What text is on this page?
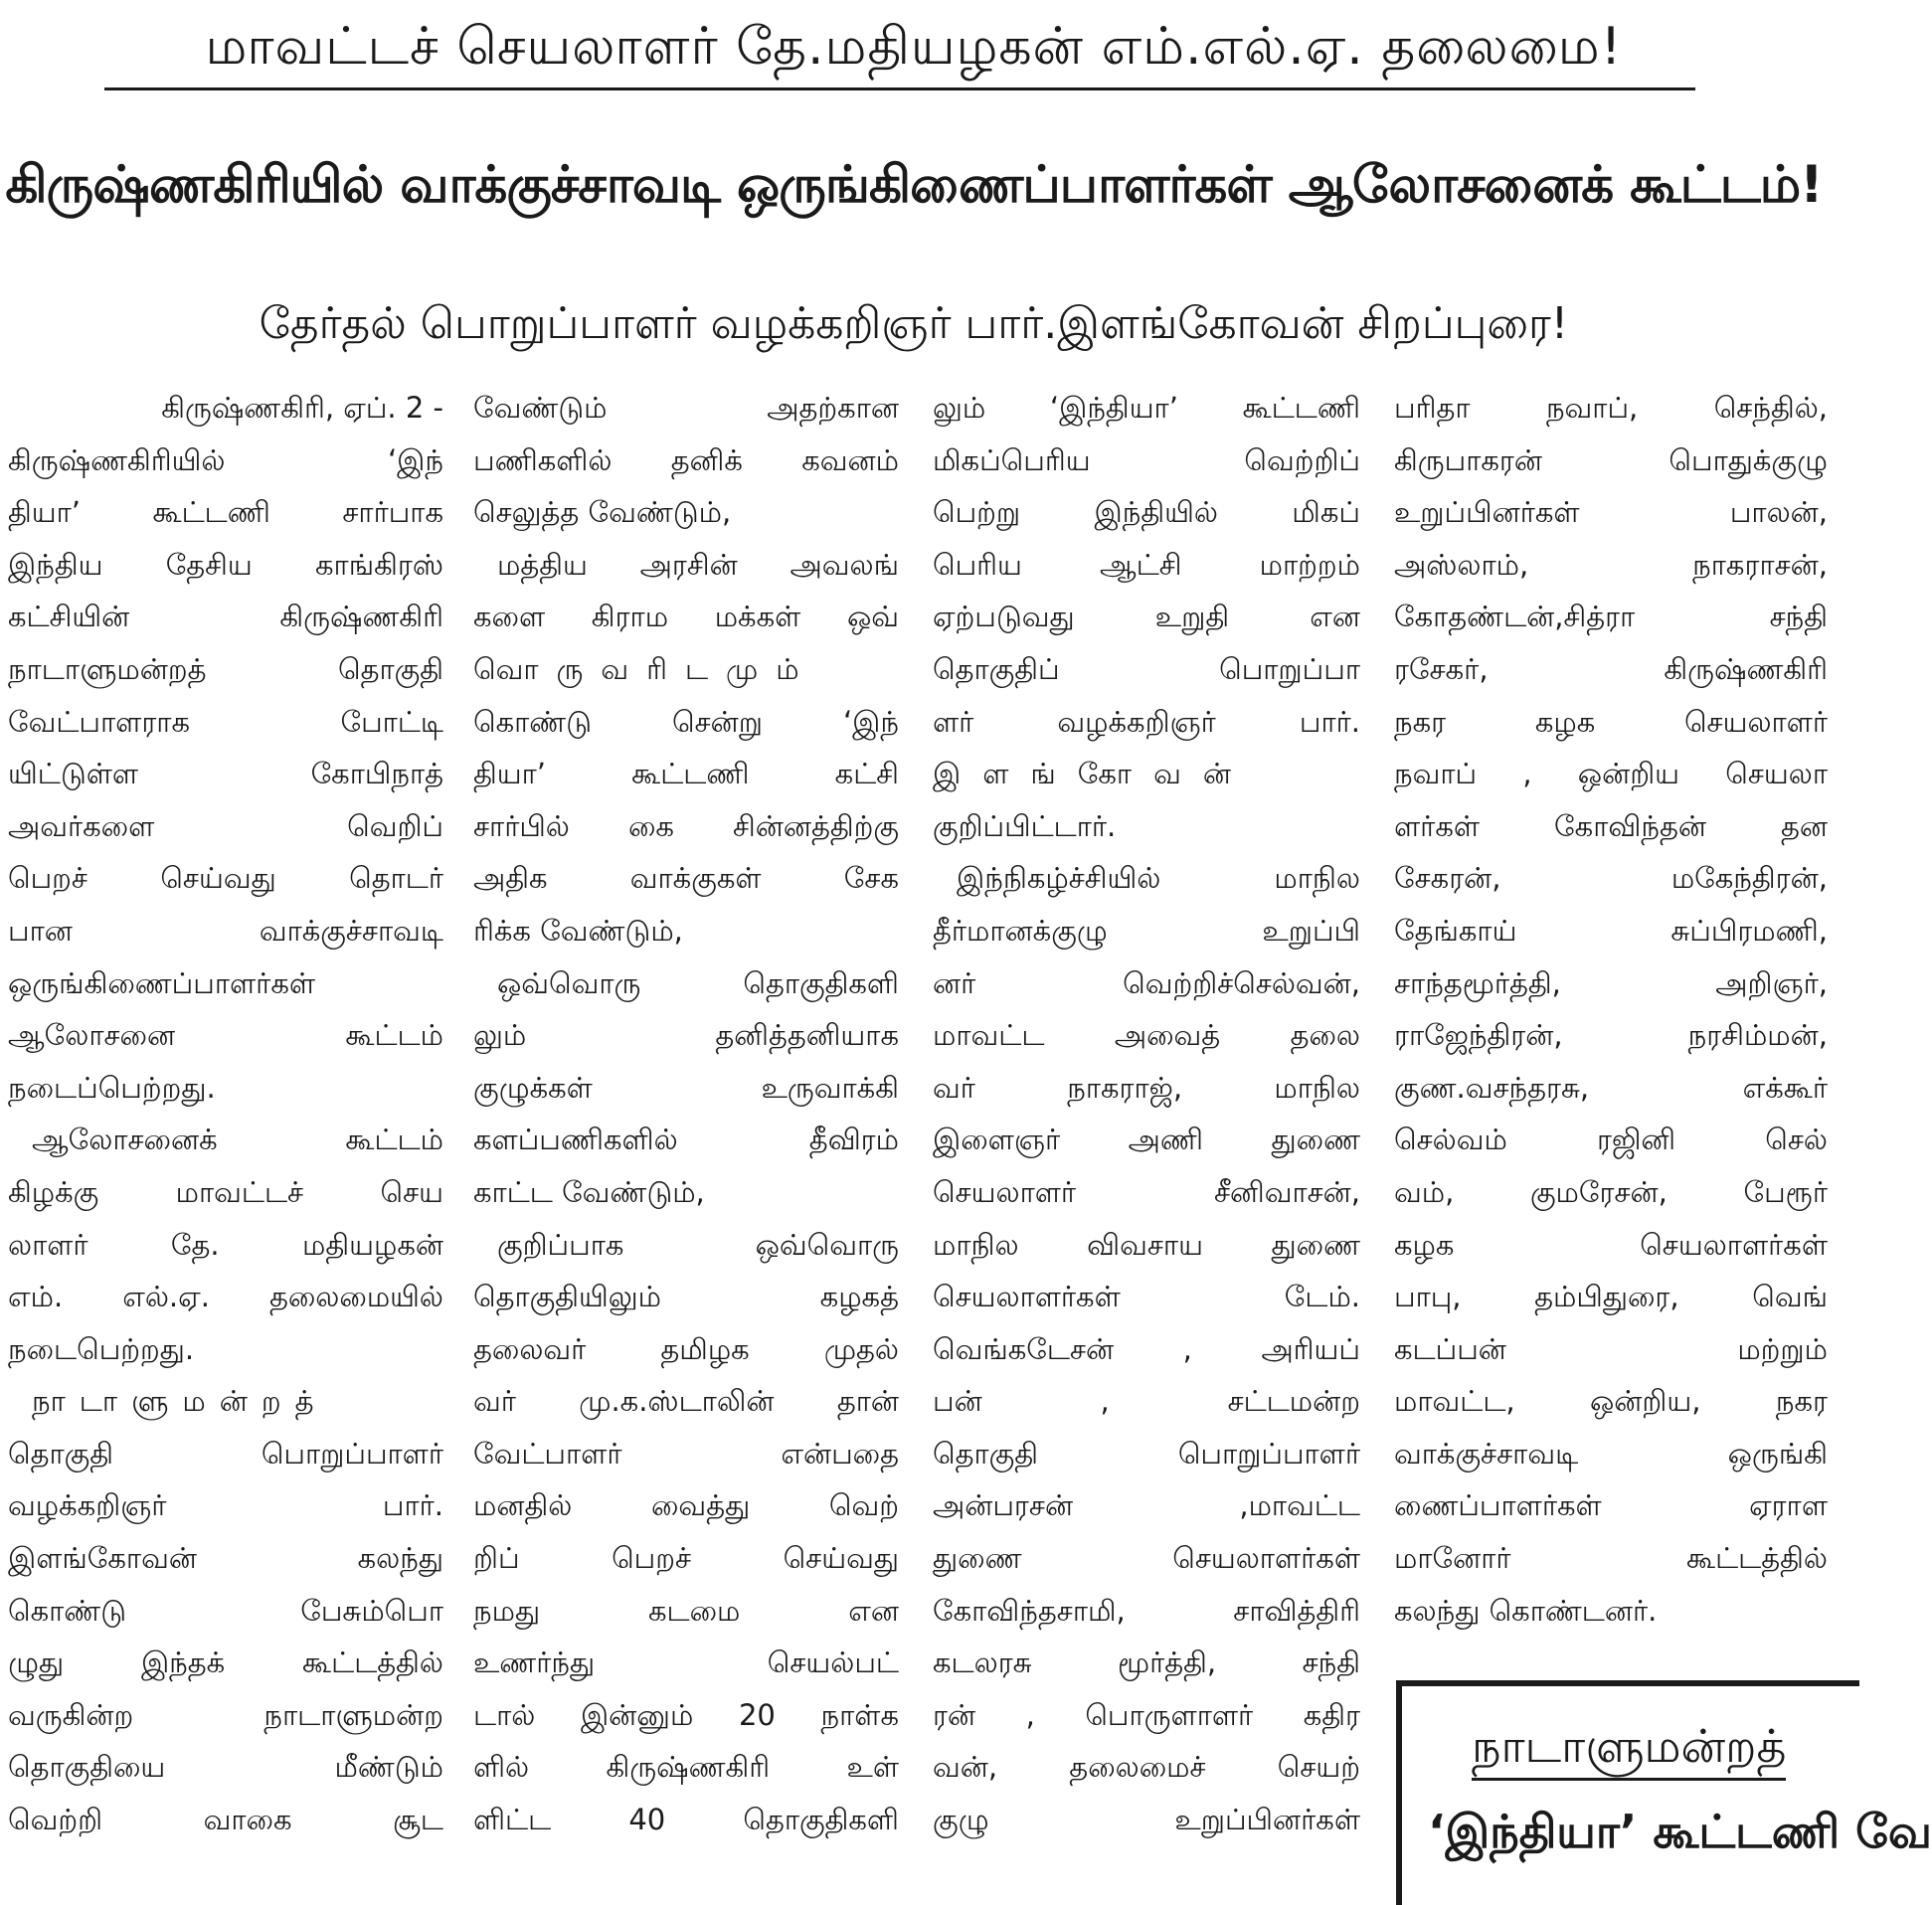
மாவட்டச் செயலாளர் தே.மதியழகன் எம்.எல்.ஏ. தலைமை!
கிருஷ்ணகிரியில் வாக்குச்சாவடி ஒருங்கிணைப்பாளர்கள் ஆலோசனைக் கூட்டம்!
தேர்தல் பொறுப்பாளர் வழக்கறிஞர் பார்.இளங்கோவன் சிறப்புரை!
கிருஷ்ணகிரி, ஏப். 2 -
கிருஷ்ணகிரியில் ‘இந்
தியா’ கூட்டணி சார்பாக
இந்திய தேசிய காங்கிரஸ்
கட்சியின் கிருஷ்ணகிரி
நாடாளுமன்றத் தொகுதி
வேட்பாளராக போட்டி
யிட்டுள்ள கோபிநாத்
அவர்களை வெறிப்
பெறச் செய்வது தொடர்
பான வாக்குச்சாவடி
ஒருங்கிணைப்பாளர்கள்
ஆலோசனை கூட்டம்
நடைப்பெற்றது.
ஆலோசனைக் கூட்டம்
கிழக்கு மாவட்டச் செய
லாளர் தே. மதியழகன்
எம். எல்.ஏ. தலைமையில்
நடைபெற்றது.
நாடாளுமன்றத்
தொகுதி பொறுப்பாளர்
வழக்கறிஞர் பார்.
இளங்கோவன் கலந்து
கொண்டு பேசும்பொ
ழுது இந்தக் கூட்டத்தில்
வருகின்ற நாடாளுமன்ற
தொகுதியை மீண்டும்
வெற்றி வாகை சூட
வேண்டும் அதற்கான
பணிகளில் தனிக் கவனம்
செலுத்த வேண்டும்,
மத்திய அரசின் அவலங்
களை கிராம மக்கள் ஒவ்
வொருவரிடமும்
கொண்டு சென்று ‘இந்
தியா’ கூட்டணி கட்சி
சார்பில் கை சின்னத்திற்கு
அதிக வாக்குகள் சேக
ரிக்க வேண்டும்,
ஒவ்வொரு தொகுதிகளி
லும் தனித்தனியாக
குழுக்கள் உருவாக்கி
களப்பணிகளில் தீவிரம்
காட்ட வேண்டும்,
குறிப்பாக ஒவ்வொரு
தொகுதியிலும் கழகத்
தலைவர் தமிழக முதல்
வர் மு.க.ஸ்டாலின் தான்
வேட்பாளர் என்பதை
மனதில் வைத்து வெற்
றிப் பெறச் செய்வது
நமது கடமை என
உணர்ந்து செயல்பட்
டால் இன்னும் 20 நாள்க
ளில் கிருஷ்ணகிரி உள்
ளிட்ட 40 தொகுதிகளி
லும் ‘இந்தியா’ கூட்டணி
மிகப்பெரிய வெற்றிப்
பெற்று இந்தியில் மிகப்
பெரிய ஆட்சி மாற்றம்
ஏற்படுவது உறுதி என
தொகுதிப் பொறுப்பா
ளர் வழக்கறிஞர் பார்.
இளங்கோவன்
குறிப்பிட்டார்.
இந்நிகழ்ச்சியில் மாநில
தீர்மானக்குழு உறுப்பி
னர் வெற்றிச்செல்வன்,
மாவட்ட அவைத் தலை
வர் நாகராஜ், மாநில
இளைஞர் அணி துணை
செயலாளர் சீனிவாசன்,
மாநில விவசாய துணை
செயலாளர்கள் டேம்.
வெங்கடேசன் , அரியப்
பன் , சட்டமன்ற
தொகுதி பொறுப்பாளர்
அன்பரசன் ,மாவட்ட
துணை செயலாளர்கள்
கோவிந்தசாமி, சாவித்திரி
கடலரசு மூர்த்தி, சந்தி
ரன் , பொருளாளர் கதிர
வன், தலைமைச் செயற்
குழு உறுப்பினர்கள்
பரிதா நவாப், செந்தில்,
கிருபாகரன் பொதுக்குழு
உறுப்பினர்கள் பாலன்,
அஸ்லாம், நாகராசன்,
கோதண்டன்,சித்ரா சந்தி
ரசேகர், கிருஷ்ணகிரி
நகர கழக செயலாளர்
நவாப் , ஒன்றிய செயலா
ளர்கள் கோவிந்தன் தன
சேகரன், மகேந்திரன்,
தேங்காய் சுப்பிரமணி,
சாந்தமூர்த்தி, அறிஞர்,
ராஜேந்திரன், நரசிம்மன்,
குண.வசந்தரசு, எக்கூர்
செல்வம் ரஜினி செல்
வம், குமரேசன், பேரூர்
கழக செயலாளர்கள்
பாபு, தம்பிதுரை, வெங்
கடப்பன் மற்றும்
மாவட்ட, ஒன்றிய, நகர
வாக்குச்சாவடி ஒருங்கி
ணைப்பாளர்கள் ஏராள
மானோர் கூட்டத்தில்
கலந்து கொண்டனர்.
நாடாளுமன்றத்
‘இந்தியா’ கூட்டணி வே
